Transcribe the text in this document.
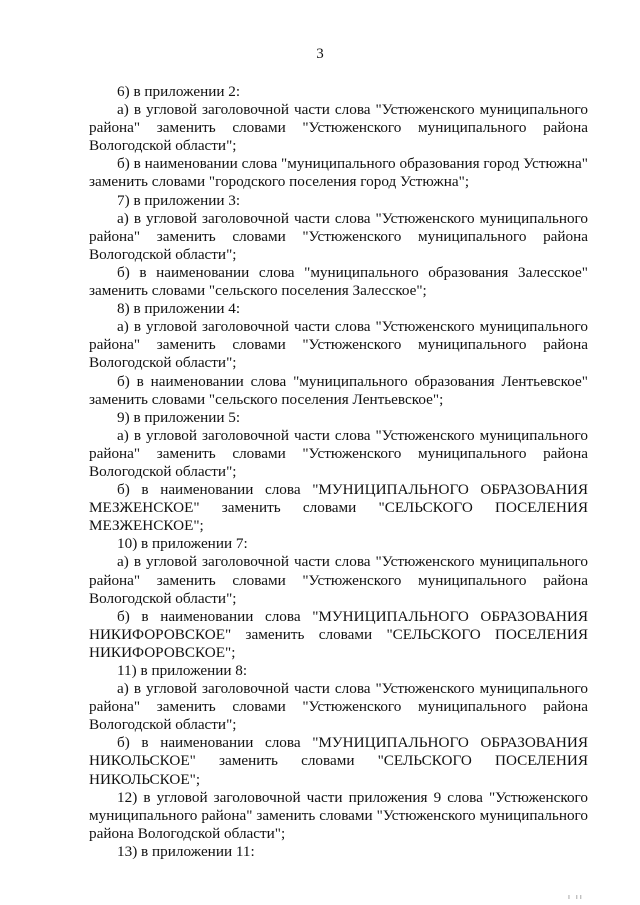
3

6) в приложении 2:

а) в угловой заголовочной части слова "Устюженского муниципального района" заменить словами "Устюженского муниципального района Вологодской области";

б) в наименовании слова "муниципального образования город Устюжна" заменить словами "городского поселения город Устюжна";

7) в приложении 3:

а) в угловой заголовочной части слова "Устюженского муниципального района" заменить словами "Устюженского муниципального района Вологодской области";

б) в наименовании слова "муниципального образования Залесское" заменить словами "сельского поселения Залесское";

8) в приложении 4:

а) в угловой заголовочной части слова "Устюженского муниципального района" заменить словами "Устюженского муниципального района Вологодской области";

б) в наименовании слова "муниципального образования Лентьевское" заменить словами "сельского поселения Лентьевское";

9) в приложении 5:

а) в угловой заголовочной части слова "Устюженского муниципального района" заменить словами "Устюженского муниципального района Вологодской области";

б) в наименовании слова "МУНИЦИПАЛЬНОГО ОБРАЗОВАНИЯ МЕЗЖЕНСКОЕ" заменить словами "СЕЛЬСКОГО ПОСЕЛЕНИЯ МЕЗЖЕНСКОЕ";

10) в приложении 7:

а) в угловой заголовочной части слова "Устюженского муниципального района" заменить словами "Устюженского муниципального района Вологодской области";

б) в наименовании слова "МУНИЦИПАЛЬНОГО ОБРАЗОВАНИЯ НИКИФОРОВСКОЕ" заменить словами "СЕЛЬСКОГО ПОСЕЛЕНИЯ НИКИФОРОВСКОЕ";

11) в приложении 8:

а) в угловой заголовочной части слова "Устюженского муниципального района" заменить словами "Устюженского муниципального района Вологодской области";

б) в наименовании слова "МУНИЦИПАЛЬНОГО ОБРАЗОВАНИЯ НИКОЛЬСКОЕ" заменить словами "СЕЛЬСКОГО ПОСЕЛЕНИЯ НИКОЛЬСКОЕ";

12) в угловой заголовочной части приложения 9 слова "Устюженского муниципального района" заменить словами "Устюженского муниципального района Вологодской области";

13) в приложении 11:

ı ıı
